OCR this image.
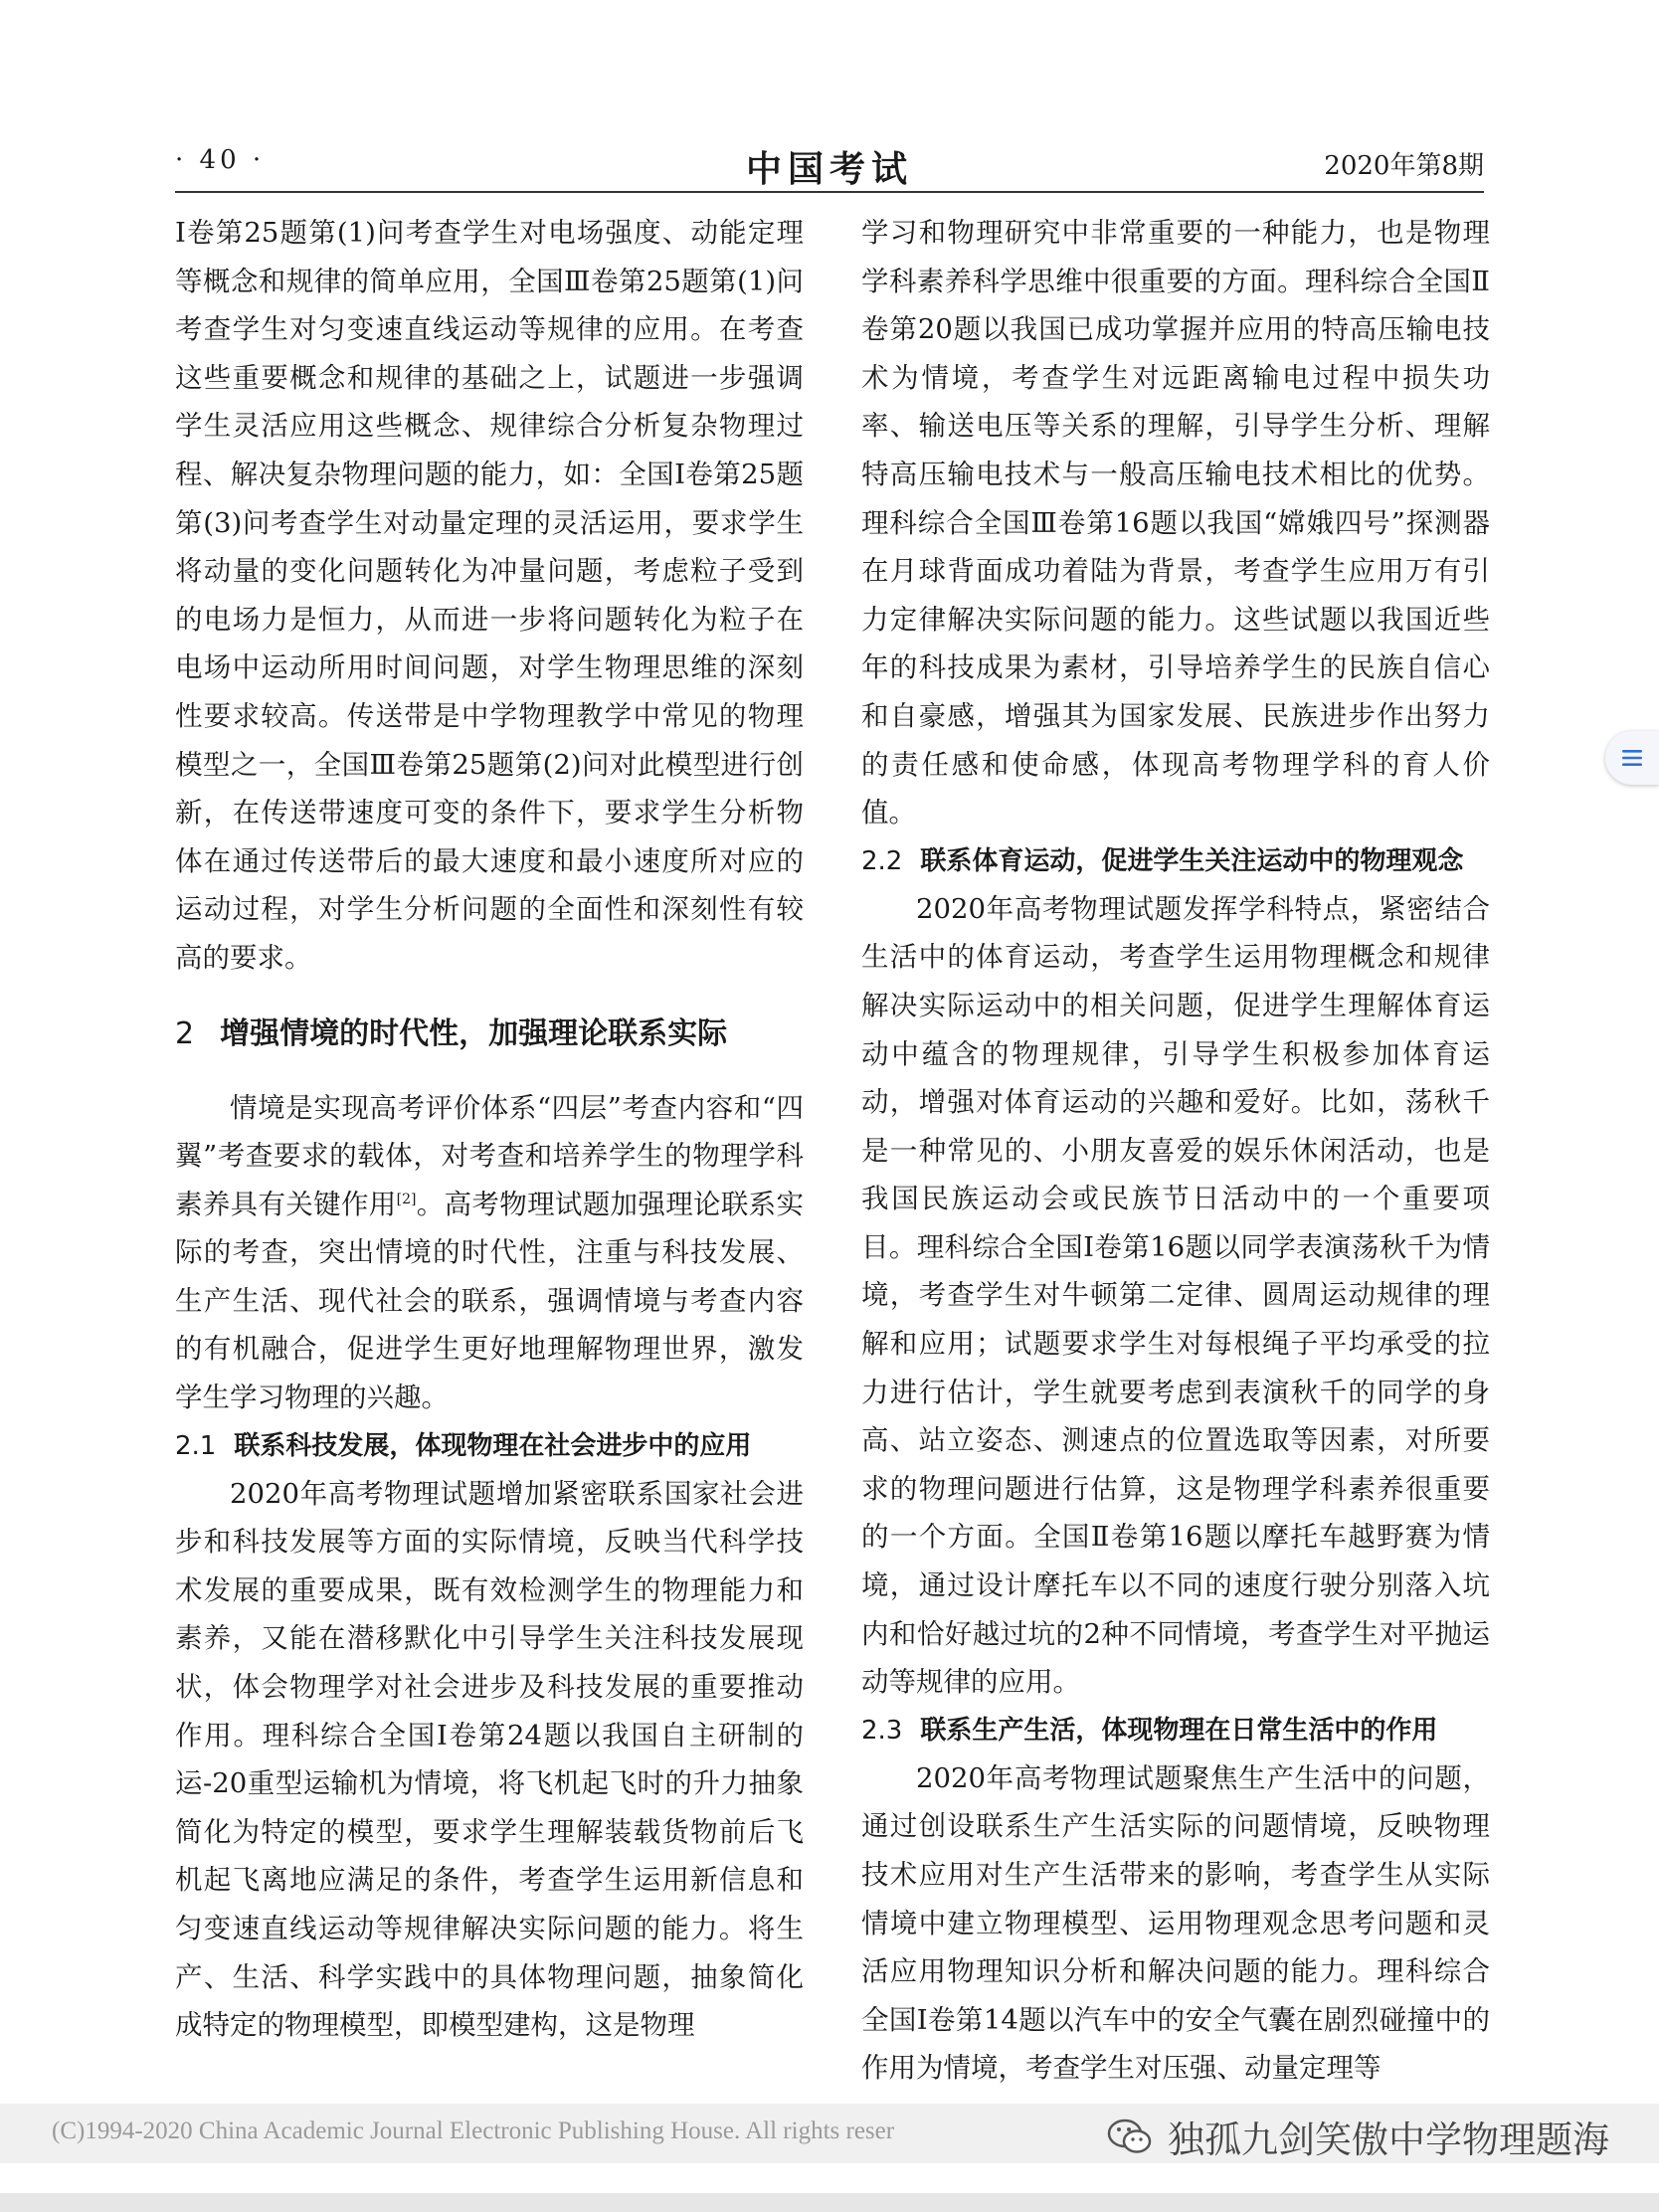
· 40 ·	中国考试	2020年第8期

Ⅰ卷第25题第(1)问考查学生对电场强度、动能定理等概念和规律的简单应用，全国Ⅲ卷第25题第(1)问考查学生对匀变速直线运动等规律的应用。在考查这些重要概念和规律的基础之上，试题进一步强调学生灵活应用这些概念、规律综合分析复杂物理过程、解决复杂物理问题的能力，如：全国Ⅰ卷第25题第(3)问考查学生对动量定理的灵活运用，要求学生将动量的变化问题转化为冲量问题，考虑粒子受到的电场力是恒力，从而进一步将问题转化为粒子在电场中运动所用时间问题，对学生物理思维的深刻性要求较高。传送带是中学物理教学中常见的物理模型之一，全国Ⅲ卷第25题第(2)问对此模型进行创新，在传送带速度可变的条件下，要求学生分析物体在通过传送带后的最大速度和最小速度所对应的运动过程，对学生分析问题的全面性和深刻性有较高的要求。

2 增强情境的时代性，加强理论联系实际

情境是实现高考评价体系“四层”考查内容和“四翼”考查要求的载体，对考查和培养学生的物理学科素养具有关键作用[2]。高考物理试题加强理论联系实际的考查，突出情境的时代性，注重与科技发展、生产生活、现代社会的联系，强调情境与考查内容的有机融合，促进学生更好地理解物理世界，激发学生学习物理的兴趣。

2.1 联系科技发展，体现物理在社会进步中的应用

2020年高考物理试题增加紧密联系国家社会进步和科技发展等方面的实际情境，反映当代科学技术发展的重要成果，既有效检测学生的物理能力和素养，又能在潜移默化中引导学生关注科技发展现状，体会物理学对社会进步及科技发展的重要推动作用。理科综合全国Ⅰ卷第24题以我国自主研制的运-20重型运输机为情境，将飞机起飞时的升力抽象简化为特定的模型，要求学生理解装载货物前后飞机起飞离地应满足的条件，考查学生运用新信息和匀变速直线运动等规律解决实际问题的能力。将生产、生活、科学实践中的具体物理问题，抽象简化成特定的物理模型，即模型建构，这是物理

学习和物理研究中非常重要的一种能力，也是物理学科素养科学思维中很重要的方面。理科综合全国Ⅱ卷第20题以我国已成功掌握并应用的特高压输电技术为情境，考查学生对远距离输电过程中损失功率、输送电压等关系的理解，引导学生分析、理解特高压输电技术与一般高压输电技术相比的优势。理科综合全国Ⅲ卷第16题以我国“嫦娥四号”探测器在月球背面成功着陆为背景，考查学生应用万有引力定律解决实际问题的能力。这些试题以我国近些年的科技成果为素材，引导培养学生的民族自信心和自豪感，增强其为国家发展、民族进步作出努力的责任感和使命感，体现高考物理学科的育人价值。

2.2 联系体育运动，促进学生关注运动中的物理观念

2020年高考物理试题发挥学科特点，紧密结合生活中的体育运动，考查学生运用物理概念和规律解决实际运动中的相关问题，促进学生理解体育运动中蕴含的物理规律，引导学生积极参加体育运动，增强对体育运动的兴趣和爱好。比如，荡秋千是一种常见的、小朋友喜爱的娱乐休闲活动，也是我国民族运动会或民族节日活动中的一个重要项目。理科综合全国Ⅰ卷第16题以同学表演荡秋千为情境，考查学生对牛顿第二定律、圆周运动规律的理解和应用；试题要求学生对每根绳子平均承受的拉力进行估计，学生就要考虑到表演秋千的同学的身高、站立姿态、测速点的位置选取等因素，对所要求的物理问题进行估算，这是物理学科素养很重要的一个方面。全国Ⅱ卷第16题以摩托车越野赛为情境，通过设计摩托车以不同的速度行驶分别落入坑内和恰好越过坑的2种不同情境，考查学生对平抛运动等规律的应用。

2.3 联系生产生活，体现物理在日常生活中的作用

2020年高考物理试题聚焦生产生活中的问题，通过创设联系生产生活实际的问题情境，反映物理技术应用对生产生活带来的影响，考查学生从实际情境中建立物理模型、运用物理观念思考问题和灵活应用物理知识分析和解决问题的能力。理科综合全国Ⅰ卷第14题以汽车中的安全气囊在剧烈碰撞中的作用为情境，考查学生对压强、动量定理等

(C)1994-2020 China Academic Journal Electronic Publishing House. All rights reser	独孤九剑笑傲中学物理题海
